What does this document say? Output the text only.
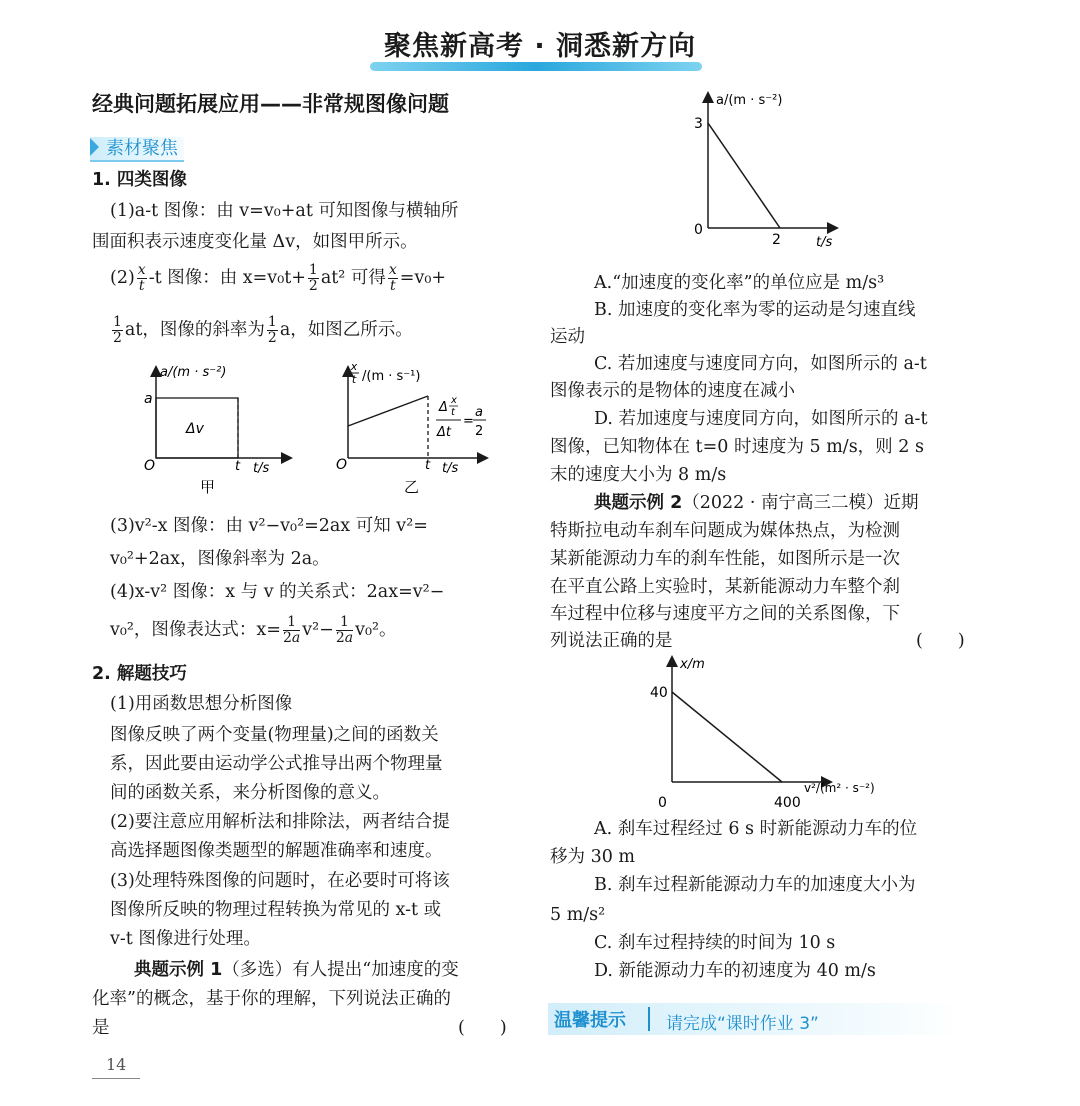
聚焦新高考 · 洞悉新方向
经典问题拓展应用——非常规图像问题
素材聚焦
1. 四类图像
(1)a-t 图像：由 v=v₀+at 可知图像与横轴所
围面积表示速度变化量 Δv，如图甲所示。
$(2) \frac{x}{t} -t$ 图像：由 $x=v_0t+ \frac{1}{2} at^2$ 可得 $\frac{x}{t} =v_0+$
$\frac{1}{2}$ at，图像的斜率为 $\frac{1}{2}$ a，如图乙所示。
a/(m · s⁻²)
a
Δv
O	t t/s
甲
x
t /(m · s⁻¹)
Δ x
t
Δt
=
a
2
O	t t/s
乙
(3)v²-x 图像：由 v²−v₀²=2ax 可知 v²=
v₀²+2ax，图像斜率为 2a。
(4)x-v² 图像：x 与 v 的关系式：2ax=v²−
v₀²，图像表达式：$x= \frac{1}{2a} v^2- \frac{1}{2a} v_0^2$。
2. 解题技巧
(1)用函数思想分析图像
图像反映了两个变量(物理量)之间的函数关
系，因此要由运动学公式推导出两个物理量
间的函数关系，来分析图像的意义。
(2)要注意应用解析法和排除法，两者结合提
高选择题图像类题型的解题准确率和速度。
(3)处理特殊图像的问题时，在必要时可将该
图像所反映的物理过程转换为常见的 x-t 或
v-t 图像进行处理。
典题示例 1（多选）有人提出“加速度的变
化率”的概念，基于你的理解，下列说法正确的
是	(　　)
a/(m · s⁻²)
3
0
2	t/s
A.“加速度的变化率”的单位应是 m/s³
B. 加速度的变化率为零的运动是匀速直线
运动
C. 若加速度与速度同方向，如图所示的 a-t
图像表示的是物体的速度在减小
D. 若加速度与速度同方向，如图所示的 a-t
图像，已知物体在 t=0 时速度为 5 m/s，则 2 s
末的速度大小为 8 m/s
典题示例 2（2022 · 南宁高三二模）近期
特斯拉电动车刹车问题成为媒体热点，为检测
某新能源动力车的刹车性能，如图所示是一次
在平直公路上实验时，某新能源动力车整个刹
车过程中位移与速度平方之间的关系图像，下
列说法正确的是	(　　)
x/m
40
0	400
v²/(m² · s⁻²)
A. 刹车过程经过 6 s 时新能源动力车的位
移为 30 m
B. 刹车过程新能源动力车的加速度大小为
5 m/s²
C. 刹车过程持续的时间为 10 s
D. 新能源动力车的初速度为 40 m/s
温馨提示 请完成“课时作业 3”
14
